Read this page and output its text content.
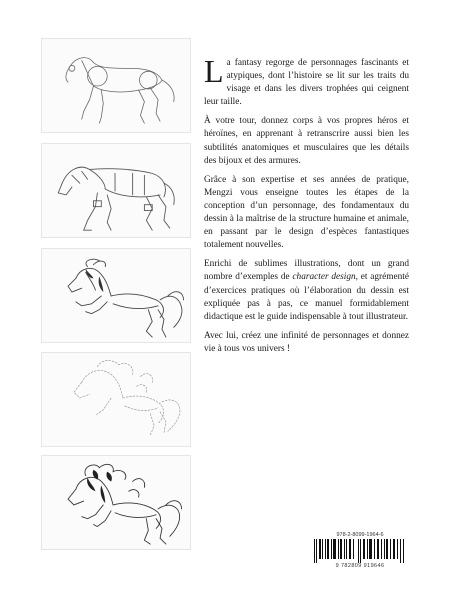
La fantasy regorge de personnages fascinants et atypiques, dont l’histoire se lit sur les traits du visage et dans les divers trophées qui ceignent leur taille.

À votre tour, donnez corps à vos propres héros et héroïnes, en apprenant à retranscrire aussi bien les subtilités anatomiques et musculaires que les détails des bijoux et des armures.

Grâce à son expertise et ses années de pratique, Mengzi vous enseigne toutes les étapes de la conception d’un personnage, des fondamentaux du dessin à la maîtrise de la structure humaine et animale, en passant par le design d’espèces fantastiques totalement nouvelles.

Enrichi de sublimes illustrations, dont un grand nombre d’exemples de character design, et agrémenté d’exercices pratiques où l’élaboration du dessin est expliquée pas à pas, ce manuel formidablement didactique est le guide indispensable à tout illustrateur.

Avec lui, créez une infinité de personnages et donnez vie à tous vos univers !

978-2-8099-1964-6
9 782809 919646
